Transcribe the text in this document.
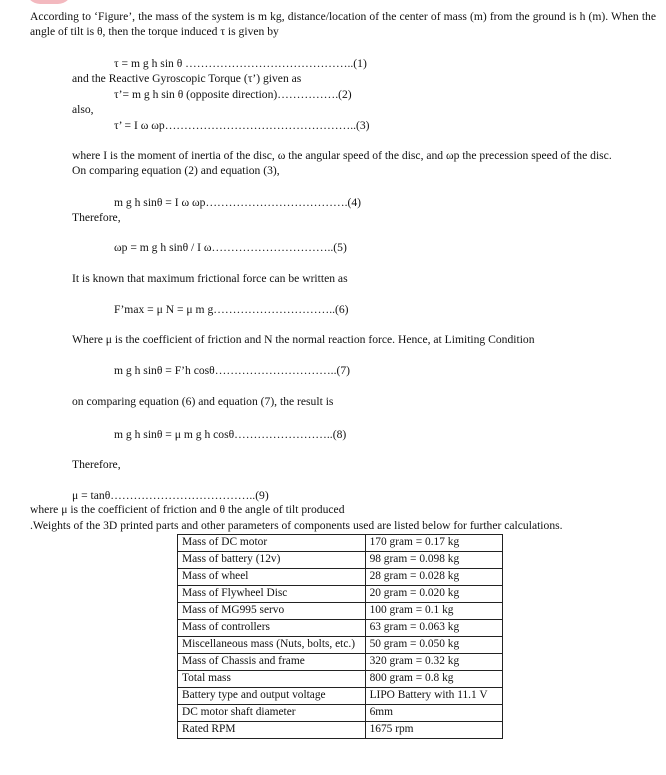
According to ‘Figure’, the mass of the system is m kg, distance/location of the center of mass (m) from the ground is h (m). When the angle of tilt is θ, then the torque induced τ is given by
τ = m g h sin θ ……………………………………..(1)
and the Reactive Gyroscopic Torque (τ’) given as
τ’= m g h sin θ (opposite direction)…………….(2)
also,
τ’ = I ω ωp…………………………………………..(3)
where I is the moment of inertia of the disc, ω the angular speed of the disc, and ωp the precession speed of the disc.
On comparing equation (2) and equation (3),
m g h sinθ = I ω ωp……………………………….(4)
Therefore,
ωp = m g h sinθ / I ω…………………………..(5)
It is known that maximum frictional force can be written as
F’max = μ N = μ m g…………………………..(6)
Where μ is the coefficient of friction and N the normal reaction force. Hence, at Limiting Condition
m g h sinθ = F’h cosθ…………………………..(7)
on comparing equation (6) and equation (7), the result is
m g h sinθ = μ m g h cosθ……………………..(8)
Therefore,
μ = tanθ………………………………..(9)
where μ is the coefficient of friction and θ the angle of tilt produced
.Weights of the 3D printed parts and other parameters of components used are listed below for further calculations.
Mass of DC motor	170 gram = 0.17 kg
Mass of battery (12v)	98 gram = 0.098 kg
Mass of wheel	28 gram = 0.028 kg
Mass of Flywheel Disc	20 gram = 0.020 kg
Mass of MG995 servo	100 gram = 0.1 kg
Mass of controllers	63 gram = 0.063 kg
Miscellaneous mass (Nuts, bolts, etc.)	50 gram = 0.050 kg
Mass of Chassis and frame	320 gram = 0.32 kg
Total mass	800 gram = 0.8 kg
Battery type and output voltage	LIPO Battery with 11.1 V
DC motor shaft diameter	6mm
Rated RPM	1675 rpm
